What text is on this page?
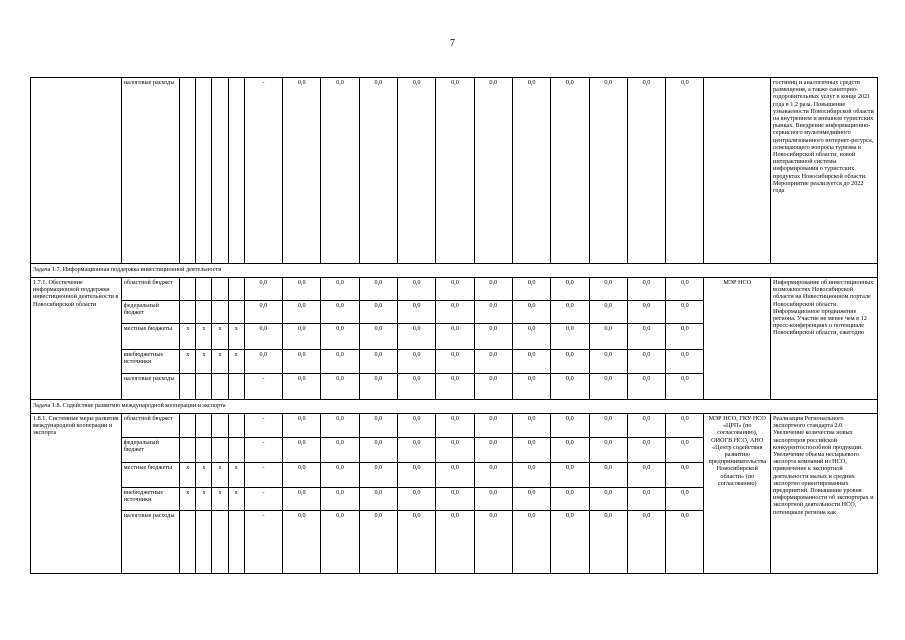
7
	налоговые расходы					-	0,0	0,0	0,0	0,0	0,0	0,0	0,0	0,0	0,0	0,0	0,0		гостиниц и аналогичных средств размещения, а также санаторно-оздоровительных услуг в конце 2021 года в 1,2 раза. Повышение узнаваемости Новосибирской области на внутреннем и внешнем туристских рынках. Внедрение информационно-сервисного мультимедийного централизованного интернет-ресурса, освещающего вопросы туризма в Новосибирской области, новой интерактивной системы информирования о туристских продуктах Новосибирской области. Мероприятие реализуется до 2022 года
Задача 1.7. Информационная поддержка инвестиционной деятельности																			
1.7.1. Обеспечение информационной поддержки инвестиционной деятельности в Новосибирской области	областной бюджет					0,0	0,0	0,0	0,0	0,0	0,0	0,0	0,0	0,0	0,0	0,0	0,0	МЭР НСО	Информирование об инвестиционных возможностях Новосибирской области на Инвестиционном портале Новосибирской области. Информационное продвижение региона. Участие не менее чем в 12 пресс-конференциях о потенциале Новосибирской области, ежегодно
	федеральный бюджет					0,0	0,0	0,0	0,0	0,0	0,0	0,0	0,0	0,0	0,0	0,0	0,0		
	местные бюджеты	x	x	x	x	0,0	0,0	0,0	0,0	0,0	0,0	0,0	0,0	0,0	0,0	0,0	0,0		
	внебюджетные источники	x	x	x	x	0,0	0,0	0,0	0,0	0,0	0,0	0,0	0,0	0,0	0,0	0,0	0,0		
	налоговые расходы					-	0,0	0,0	0,0	0,0	0,0	0,0	0,0	0,0	0,0	0,0	0,0		
Задача 1.8. Содействие развитию международной кооперации и экспорта																			
1.8.1. Системные меры развития международной кооперации и экспорта	областной бюджет					-	0,0	0,0	0,0	0,0	0,0	0,0	0,0	0,0	0,0	0,0	0,0	МЭР НСО, ГКУ НСО «ЦРП» (по согласованию), ОИОГВ НСО, АНО «Центр содействия развитию предпринимательства Новосибирской области» (по согласованию)	Реализация Регионального экспортного стандарта 2.0. Увеличение количества новых экспортеров российской конкурентоспособной продукции. Увеличение объема несырьевого экспорта компаний из НСО, привлечение к экспортной деятельности малых и средних экспортно ориентированных предприятий. Повышение уровня информированности об экспортерах и экспортной деятельности НСО, потенциале региона как
	федеральный бюджет					-	0,0	0,0	0,0	0,0	0,0	0,0	0,0	0,0	0,0	0,0	0,0		
	местные бюджеты	x	x	x	x	-	0,0	0,0	0,0	0,0	0,0	0,0	0,0	0,0	0,0	0,0	0,0		
	внебюджетные источники	x	x	x	x	-	0,0	0,0	0,0	0,0	0,0	0,0	0,0	0,0	0,0	0,0	0,0		
	налоговые расходы					-	0,0	0,0	0,0	0,0	0,0	0,0	0,0	0,0	0,0	0,0	0,0		
